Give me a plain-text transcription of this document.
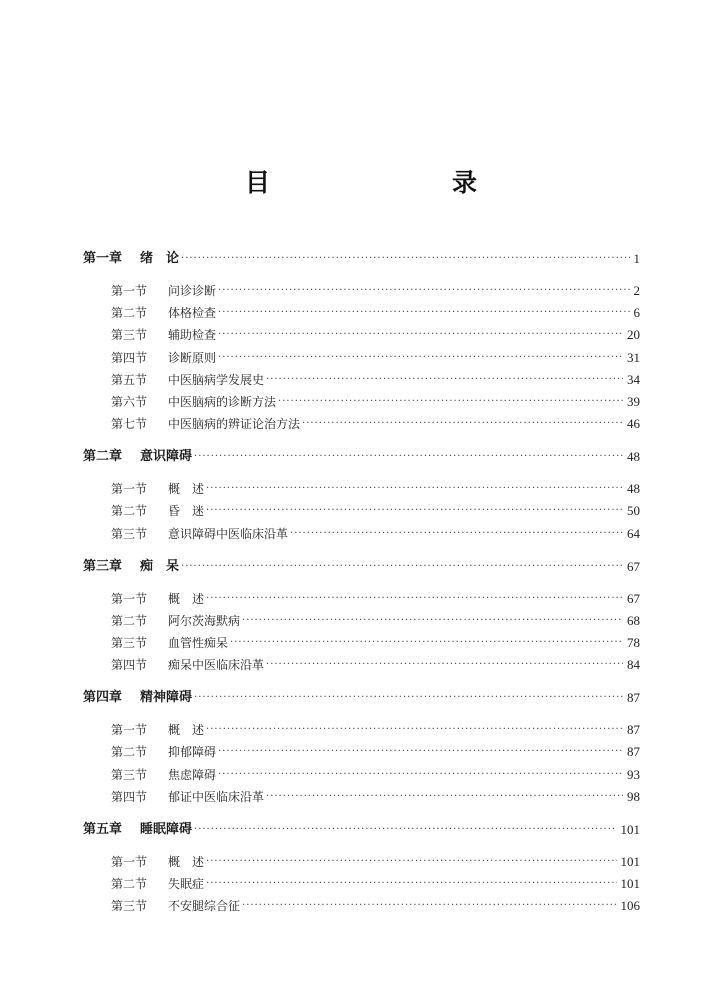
目　　录
第一章	绪　论 ·····	1
第一节	问诊诊断 ·····	2
第二节	体格检查 ·····	6
第三节	辅助检查 ·····	20
第四节	诊断原则 ·····	31
第五节	中医脑病学发展史 ·····	34
第六节	中医脑病的诊断方法 ·····	39
第七节	中医脑病的辨证论治方法 ·····	46
第二章	意识障碍 ·····	48
第一节	概　述 ·····	48
第二节	昏　迷 ·····	50
第三节	意识障碍中医临床沿革 ·····	64
第三章	痴　呆 ·····	67
第一节	概　述 ·····	67
第二节	阿尔茨海默病 ·····	68
第三节	血管性痴呆 ·····	78
第四节	痴呆中医临床沿革 ·····	84
第四章	精神障碍 ·····	87
第一节	概　述 ·····	87
第二节	抑郁障碍 ·····	87
第三节	焦虑障碍 ·····	93
第四节	郁证中医临床沿革 ·····	98
第五章	睡眠障碍 ·····	101
第一节	概　述 ·····	101
第二节	失眠症 ·····	101
第三节	不安腿综合征 ·····	106
